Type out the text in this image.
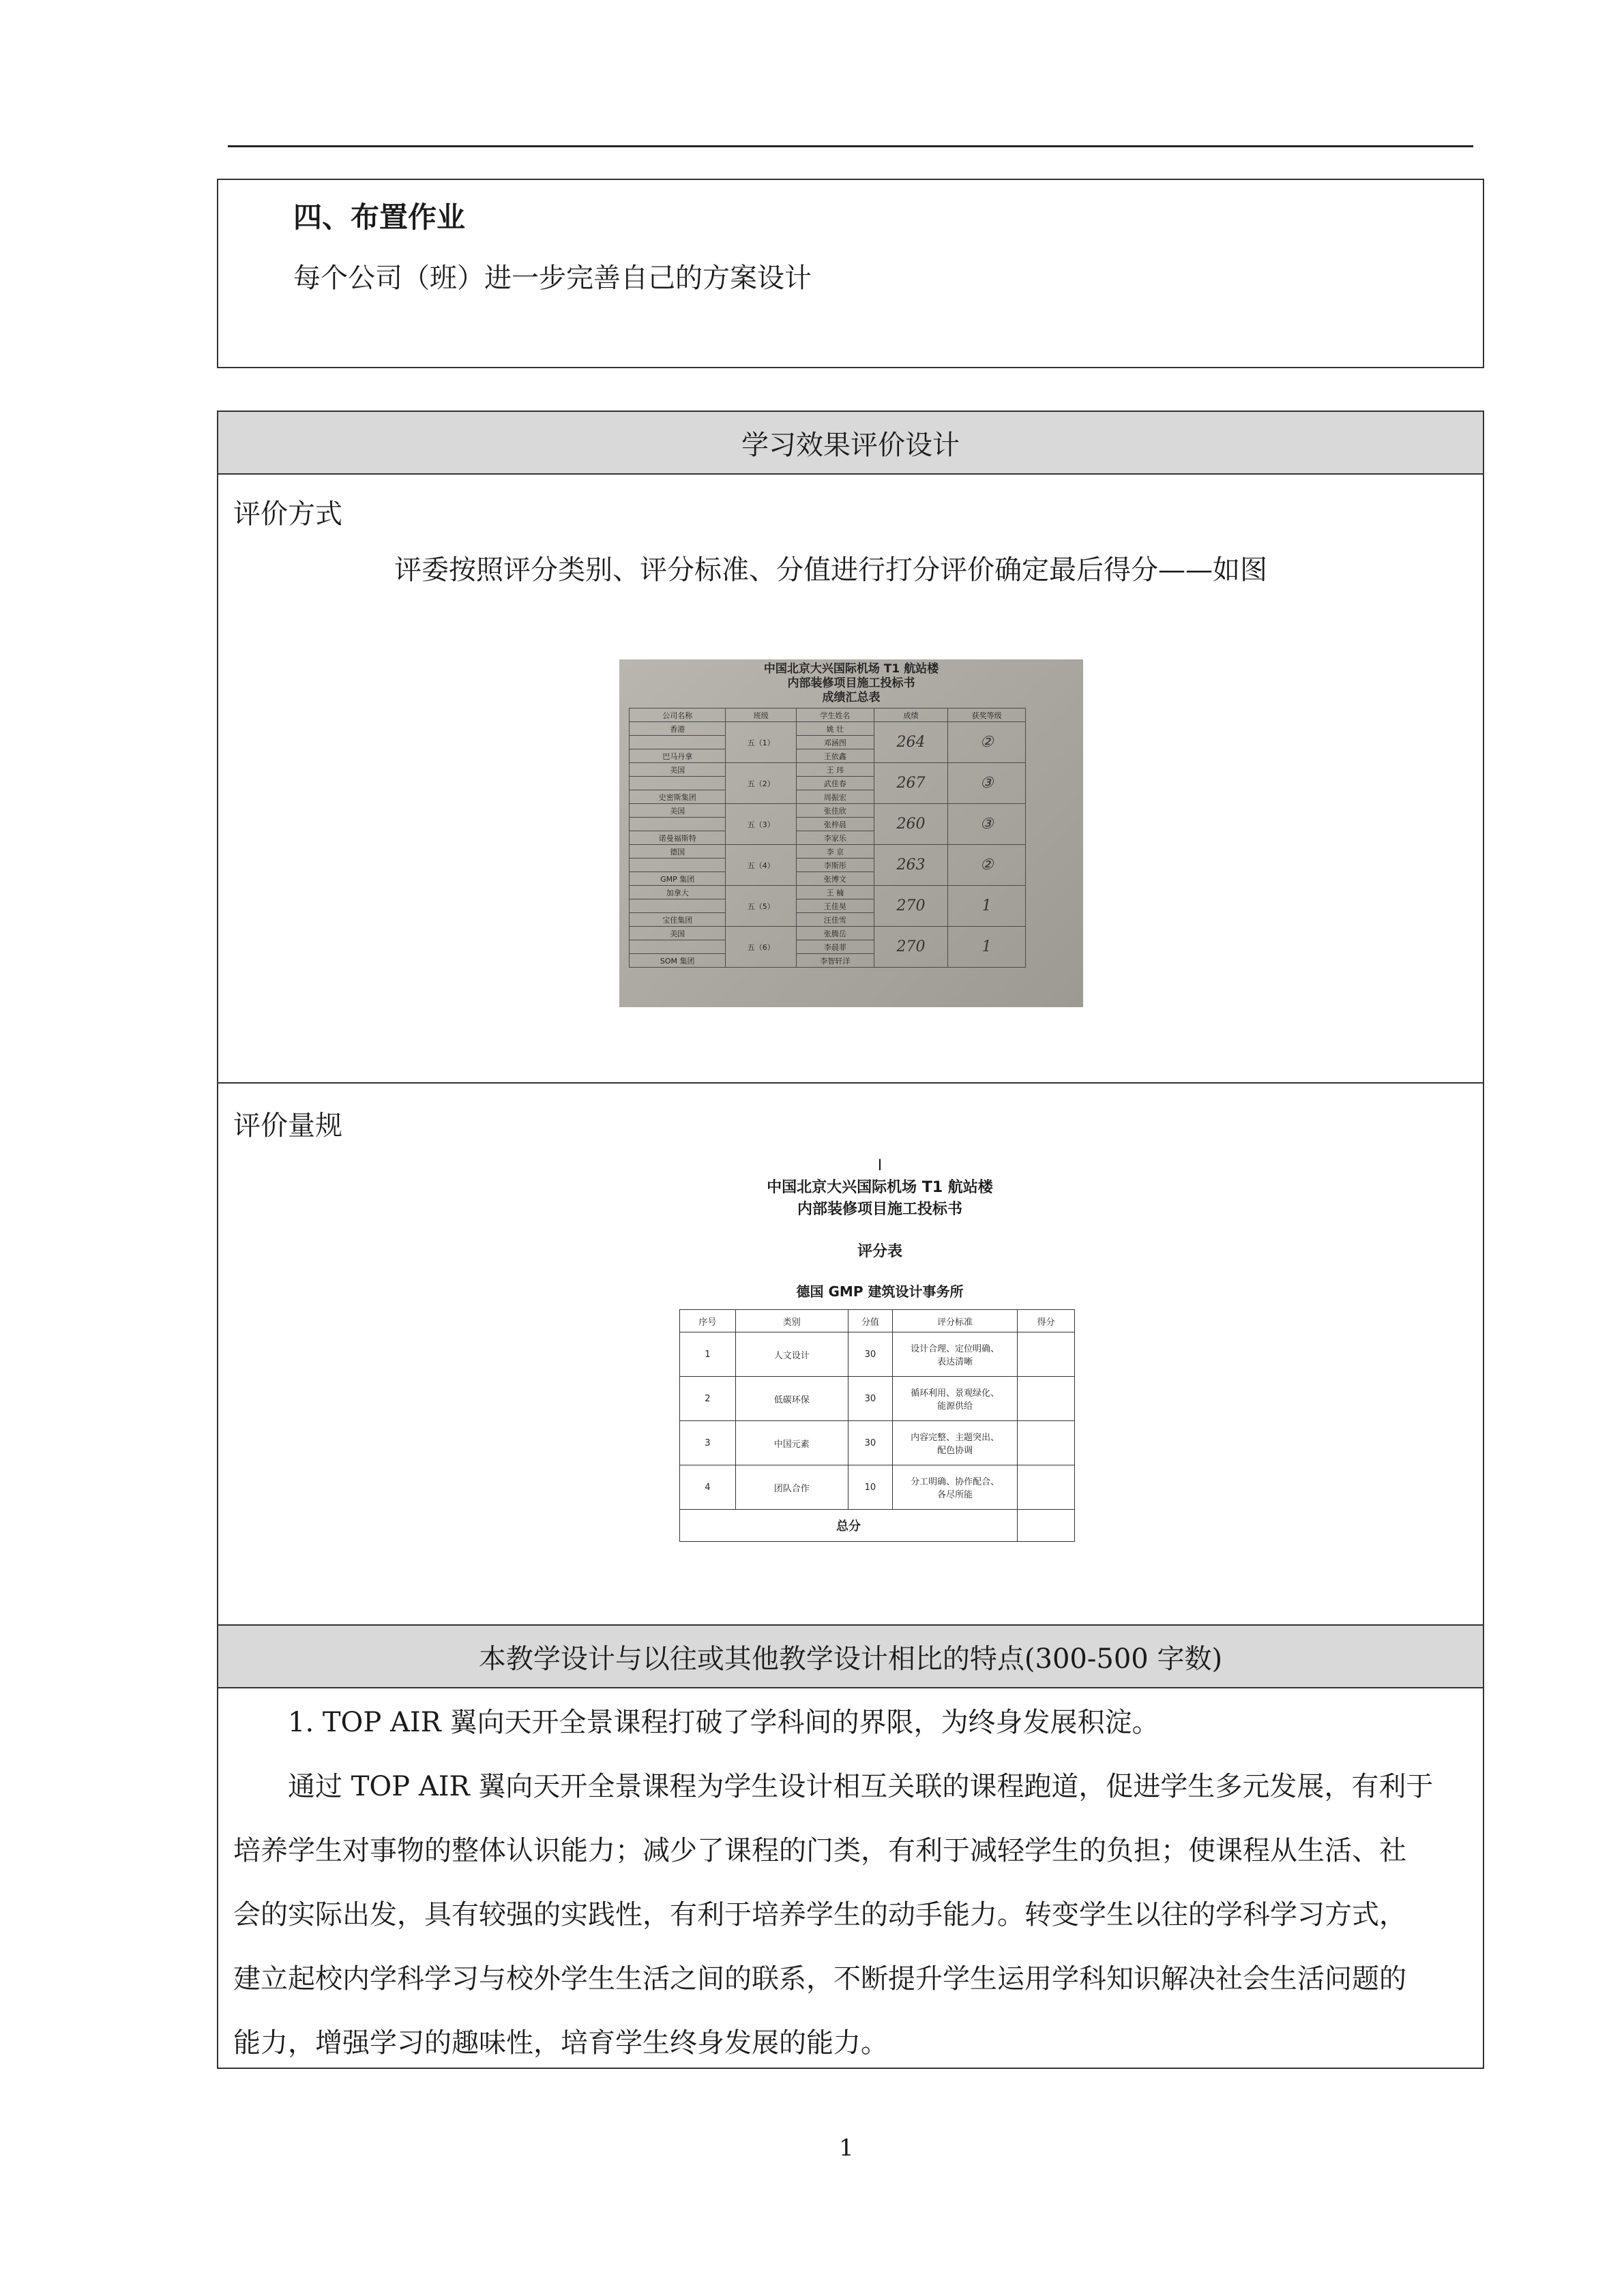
四、布置作业
每个公司（班）进一步完善自己的方案设计
学习效果评价设计
评价方式
评委按照评分类别、评分标准、分值进行打分评价确定最后得分——如图
中国北京大兴国际机场 T1 航站楼
内部装修项目施工投标书
成绩汇总表
公司名称	班级	学生姓名	成绩	获奖等级
香港	五（1）	姚 壮	264	②
		邓涵图		
巴马丹拿		王依鑫		
美国	五（2）	王 玮	267	③
		武佳春		
史密斯集团		周振宏		
美国	五（3）	张佳欣	260	③
		张梓晨		
诺曼福斯特		李家乐		
德国	五（4）	李 京	263	②
		李斯彤		
GMP 集团		张博文		
加拿大	五（5）	王 楠	270	1
		王佳昊		
宝佳集团		汪佳雪		
美国	五（6）	张腾岳	270	1
		李晨菲		
SOM 集团		李智轩洋		
评价量规
I
中国北京大兴国际机场 T1 航站楼
内部装修项目施工投标书
评分表
德国 GMP 建筑设计事务所
序号	类别	分值	评分标准	得分
1	人文设计	30	设计合理、定位明确、
表达清晰	

2	低碳环保	30	循环利用、景观绿化、
能源供给	

3	中国元素	30	内容完整、主题突出、
配色协调	

4	团队合作	10	分工明确、协作配合、
各尽所能	

总分				
本教学设计与以往或其他教学设计相比的特点(300-500 字数)
1. TOP AIR 翼向天开全景课程打破了学科间的界限，为终身发展积淀。
通过 TOP AIR 翼向天开全景课程为学生设计相互关联的课程跑道，促进学生多元发展，有利于
培养学生对事物的整体认识能力；减少了课程的门类，有利于减轻学生的负担；使课程从生活、社
会的实际出发，具有较强的实践性，有利于培养学生的动手能力。转变学生以往的学科学习方式，
建立起校内学科学习与校外学生生活之间的联系，不断提升学生运用学科知识解决社会生活问题的
能力，增强学习的趣味性，培育学生终身发展的能力。
1
